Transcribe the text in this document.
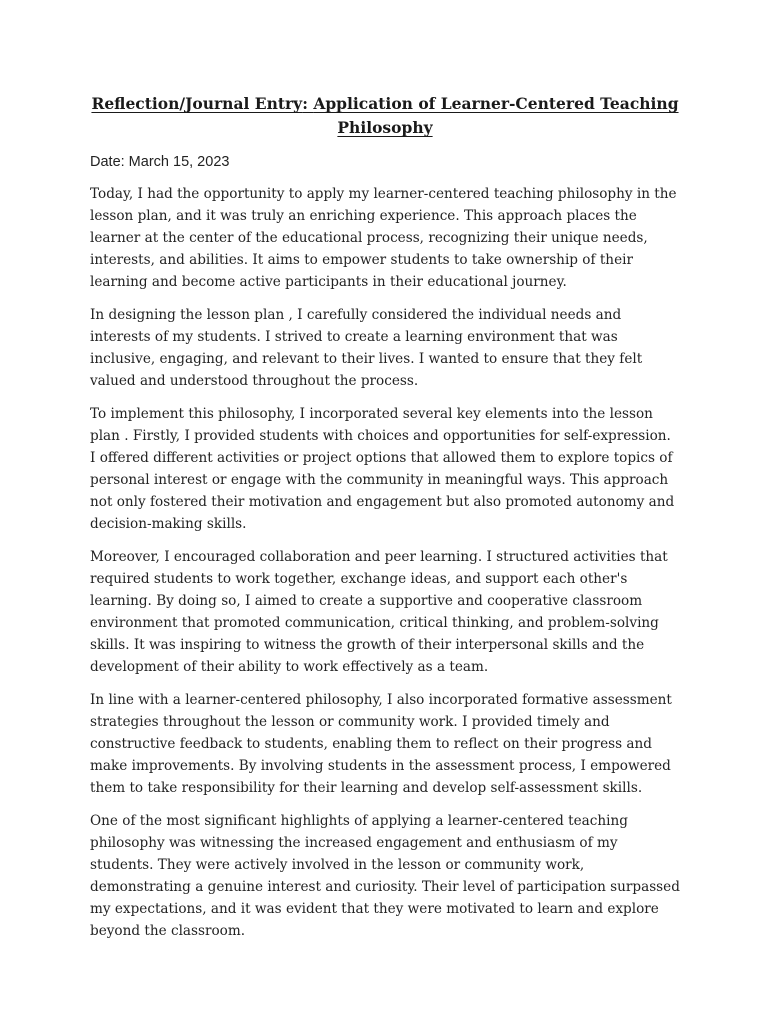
Reflection/Journal Entry: Application of Learner-Centered Teaching Philosophy

Date: March 15, 2023

Today, I had the opportunity to apply my learner-centered teaching philosophy in the lesson plan, and it was truly an enriching experience. This approach places the learner at the center of the educational process, recognizing their unique needs, interests, and abilities. It aims to empower students to take ownership of their learning and become active participants in their educational journey.

In designing the lesson plan , I carefully considered the individual needs and interests of my students. I strived to create a learning environment that was inclusive, engaging, and relevant to their lives. I wanted to ensure that they felt valued and understood throughout the process.

To implement this philosophy, I incorporated several key elements into the lesson plan . Firstly, I provided students with choices and opportunities for self-expression. I offered different activities or project options that allowed them to explore topics of personal interest or engage with the community in meaningful ways. This approach not only fostered their motivation and engagement but also promoted autonomy and decision-making skills.

Moreover, I encouraged collaboration and peer learning. I structured activities that required students to work together, exchange ideas, and support each other's learning. By doing so, I aimed to create a supportive and cooperative classroom environment that promoted communication, critical thinking, and problem-solving skills. It was inspiring to witness the growth of their interpersonal skills and the development of their ability to work effectively as a team.

In line with a learner-centered philosophy, I also incorporated formative assessment strategies throughout the lesson or community work. I provided timely and constructive feedback to students, enabling them to reflect on their progress and make improvements. By involving students in the assessment process, I empowered them to take responsibility for their learning and develop self-assessment skills.

One of the most significant highlights of applying a learner-centered teaching philosophy was witnessing the increased engagement and enthusiasm of my students. They were actively involved in the lesson or community work, demonstrating a genuine interest and curiosity. Their level of participation surpassed my expectations, and it was evident that they were motivated to learn and explore beyond the classroom.
